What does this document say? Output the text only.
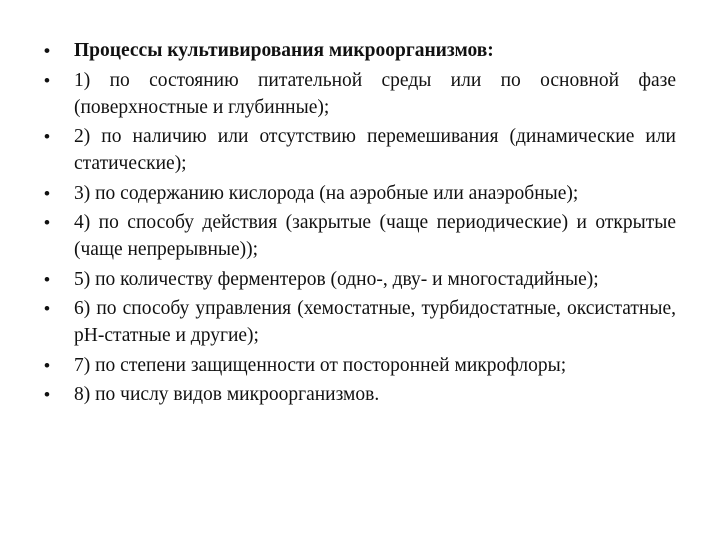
• Процессы культивирования микроорганизмов:
• 1) по состоянию питательной среды или по основной фазе (поверхностные и глубинные);
• 2) по наличию или отсутствию перемешивания (динамические или статические);
• 3) по содержанию кислорода (на аэробные или анаэробные);
• 4) по способу действия (закрытые (чаще периодические) и открытые (чаще непрерывные));
• 5) по количеству ферментеров (одно-, дву- и многостадийные);
• 6) по способу управления (хемостатные, турбидостатные, оксистатные, pH-статные и другие);
• 7) по степени защищенности от посторонней микрофлоры;
• 8) по числу видов микроорганизмов.
